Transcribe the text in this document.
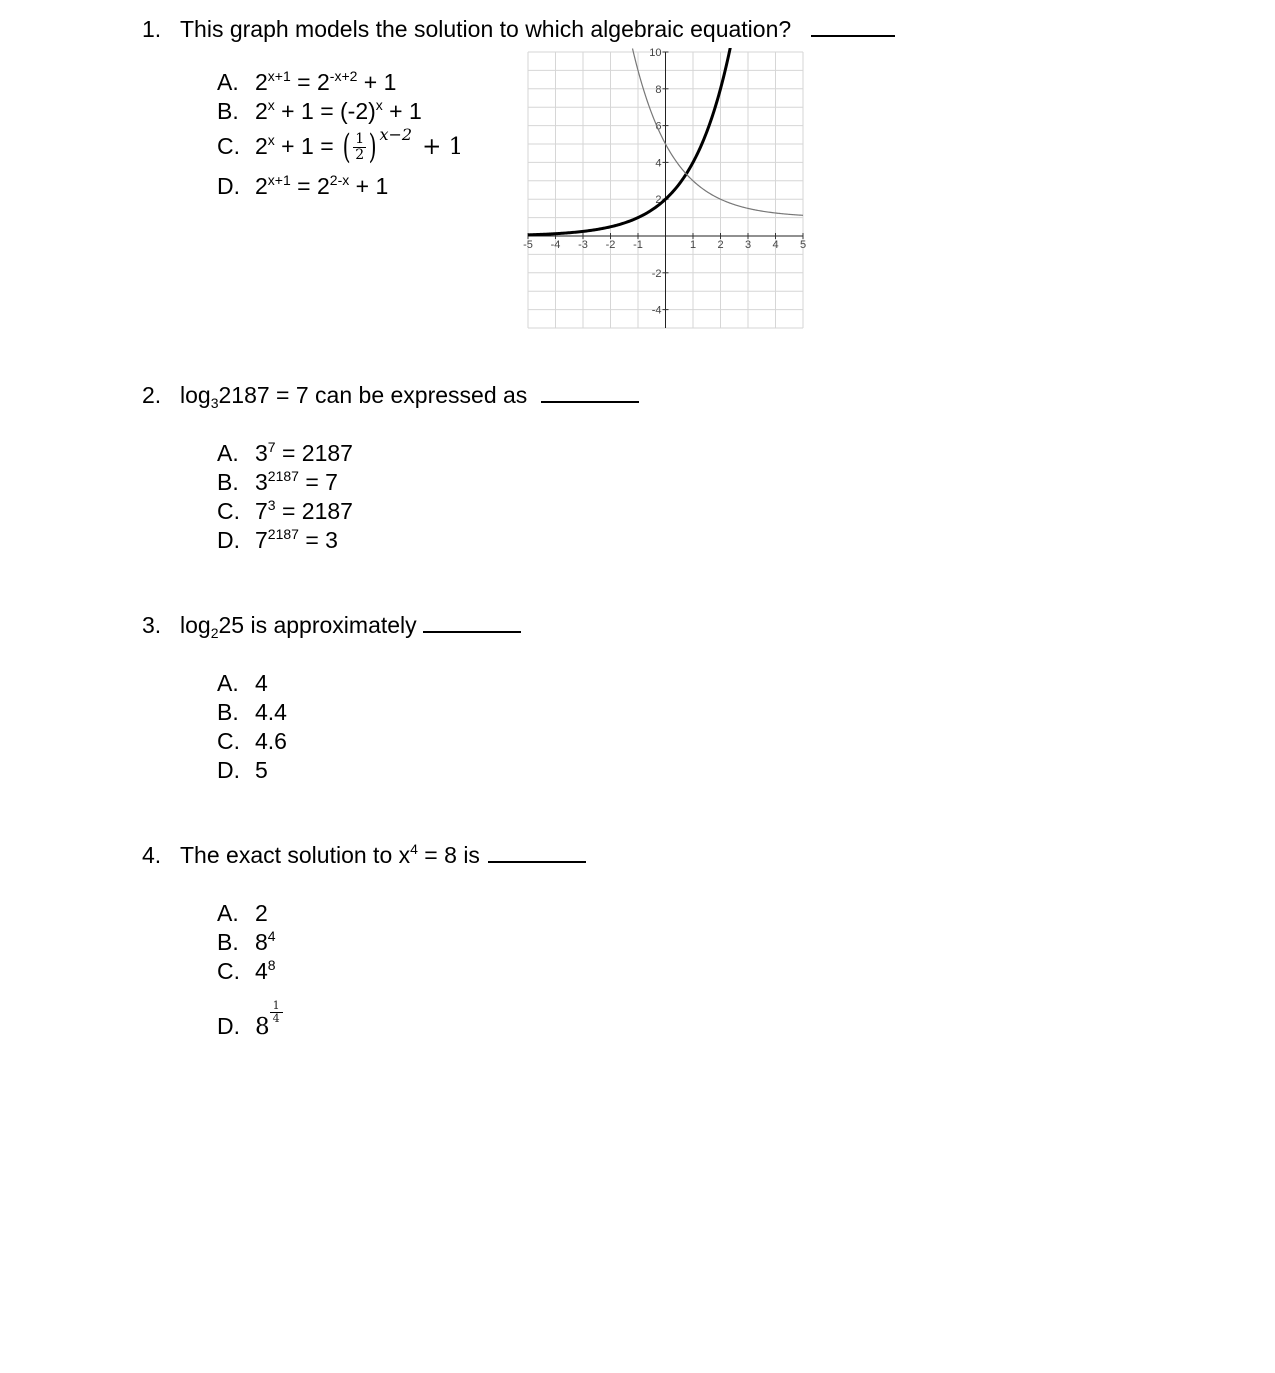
1. This graph models the solution to which algebraic equation?
A. $2^{x+1} = 2^{-x+2} + 1$
B. $2^x + 1 = (-2)^x + 1$
C. $2^x + 1$ = ( $\frac{1}{2}$ ) $^{x-2}$ + 1
D. $2^{x+1} = 2^{2-x} + 1$
-5 -4 -3 -2 -1	1 2 3 4 5
10
8
6
4
2
-2
-4
2. $\log_32187 = 7$ can be expressed as
A. $3^7 = 2187$
B. $3^{2187} = 7$
C. $7^3 = 2187$
D. $7^{2187} = 3$
3. $\log_225$ is approximately
A. 4
B. 4.4
C. 4.6
D. 5
4. The exact solution to $x^4 = 8$ is
A. 2
B. $8^4$
C. $4^8$
D. 8
$\frac{1}{4}$
